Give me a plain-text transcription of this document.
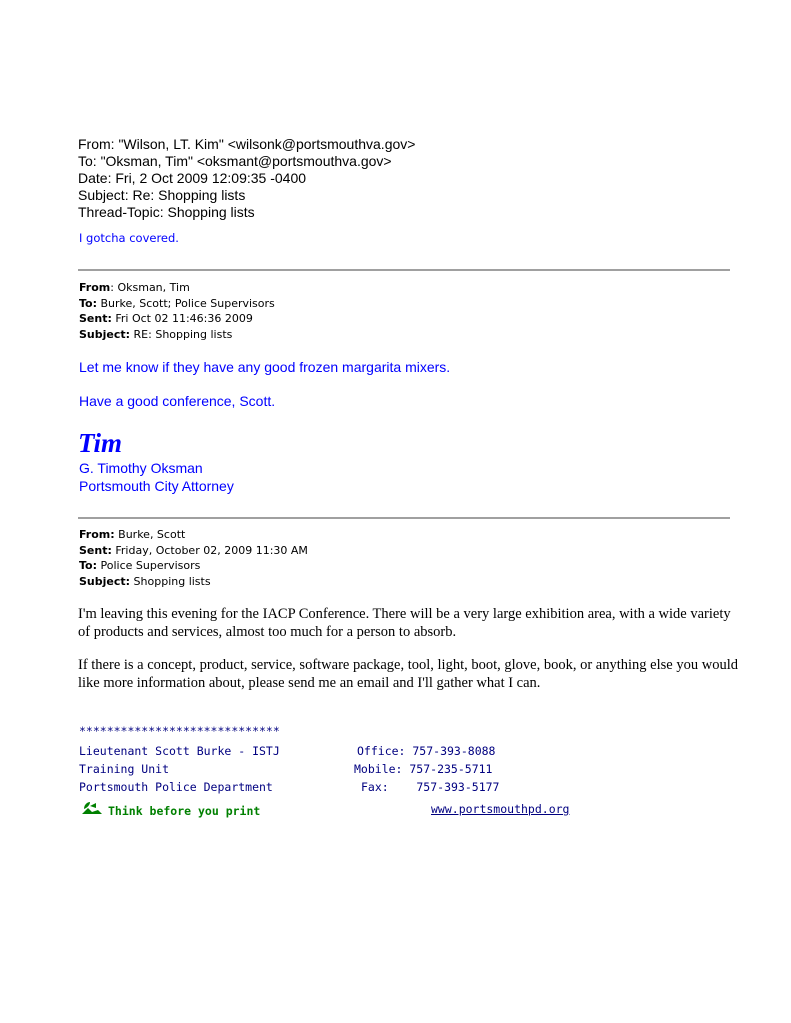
From: "Wilson, LT. Kim" <wilsonk@portsmouthva.gov>
To: "Oksman, Tim" <oksmant@portsmouthva.gov>
Date: Fri, 2 Oct 2009 12:09:35 -0400
Subject: Re: Shopping lists
Thread-Topic: Shopping lists
I gotcha covered.
From: Oksman, Tim
To: Burke, Scott; Police Supervisors
Sent: Fri Oct 02 11:46:36 2009
Subject: RE: Shopping lists
Let me know if they have any good frozen margarita mixers.
Have a good conference, Scott.
Tim
G. Timothy Oksman
Portsmouth City Attorney
From: Burke, Scott
Sent: Friday, October 02, 2009 11:30 AM
To: Police Supervisors
Subject: Shopping lists
I'm leaving this evening for the IACP Conference. There will be a very large exhibition area, with a wide variety of products and services, almost too much for a person to absorb.
If there is a concept, product, service, software package, tool, light, boot, glove, book, or anything else you would like more information about, please send me an email and I'll gather what I can.
*****************************
Lieutenant Scott Burke - ISTJ
Training Unit
Portsmouth Police Department
Office: 757-393-8088
Mobile: 757-235-5711
Fax:    757-393-5177
Think before you print	www.portsmouthpd.org
